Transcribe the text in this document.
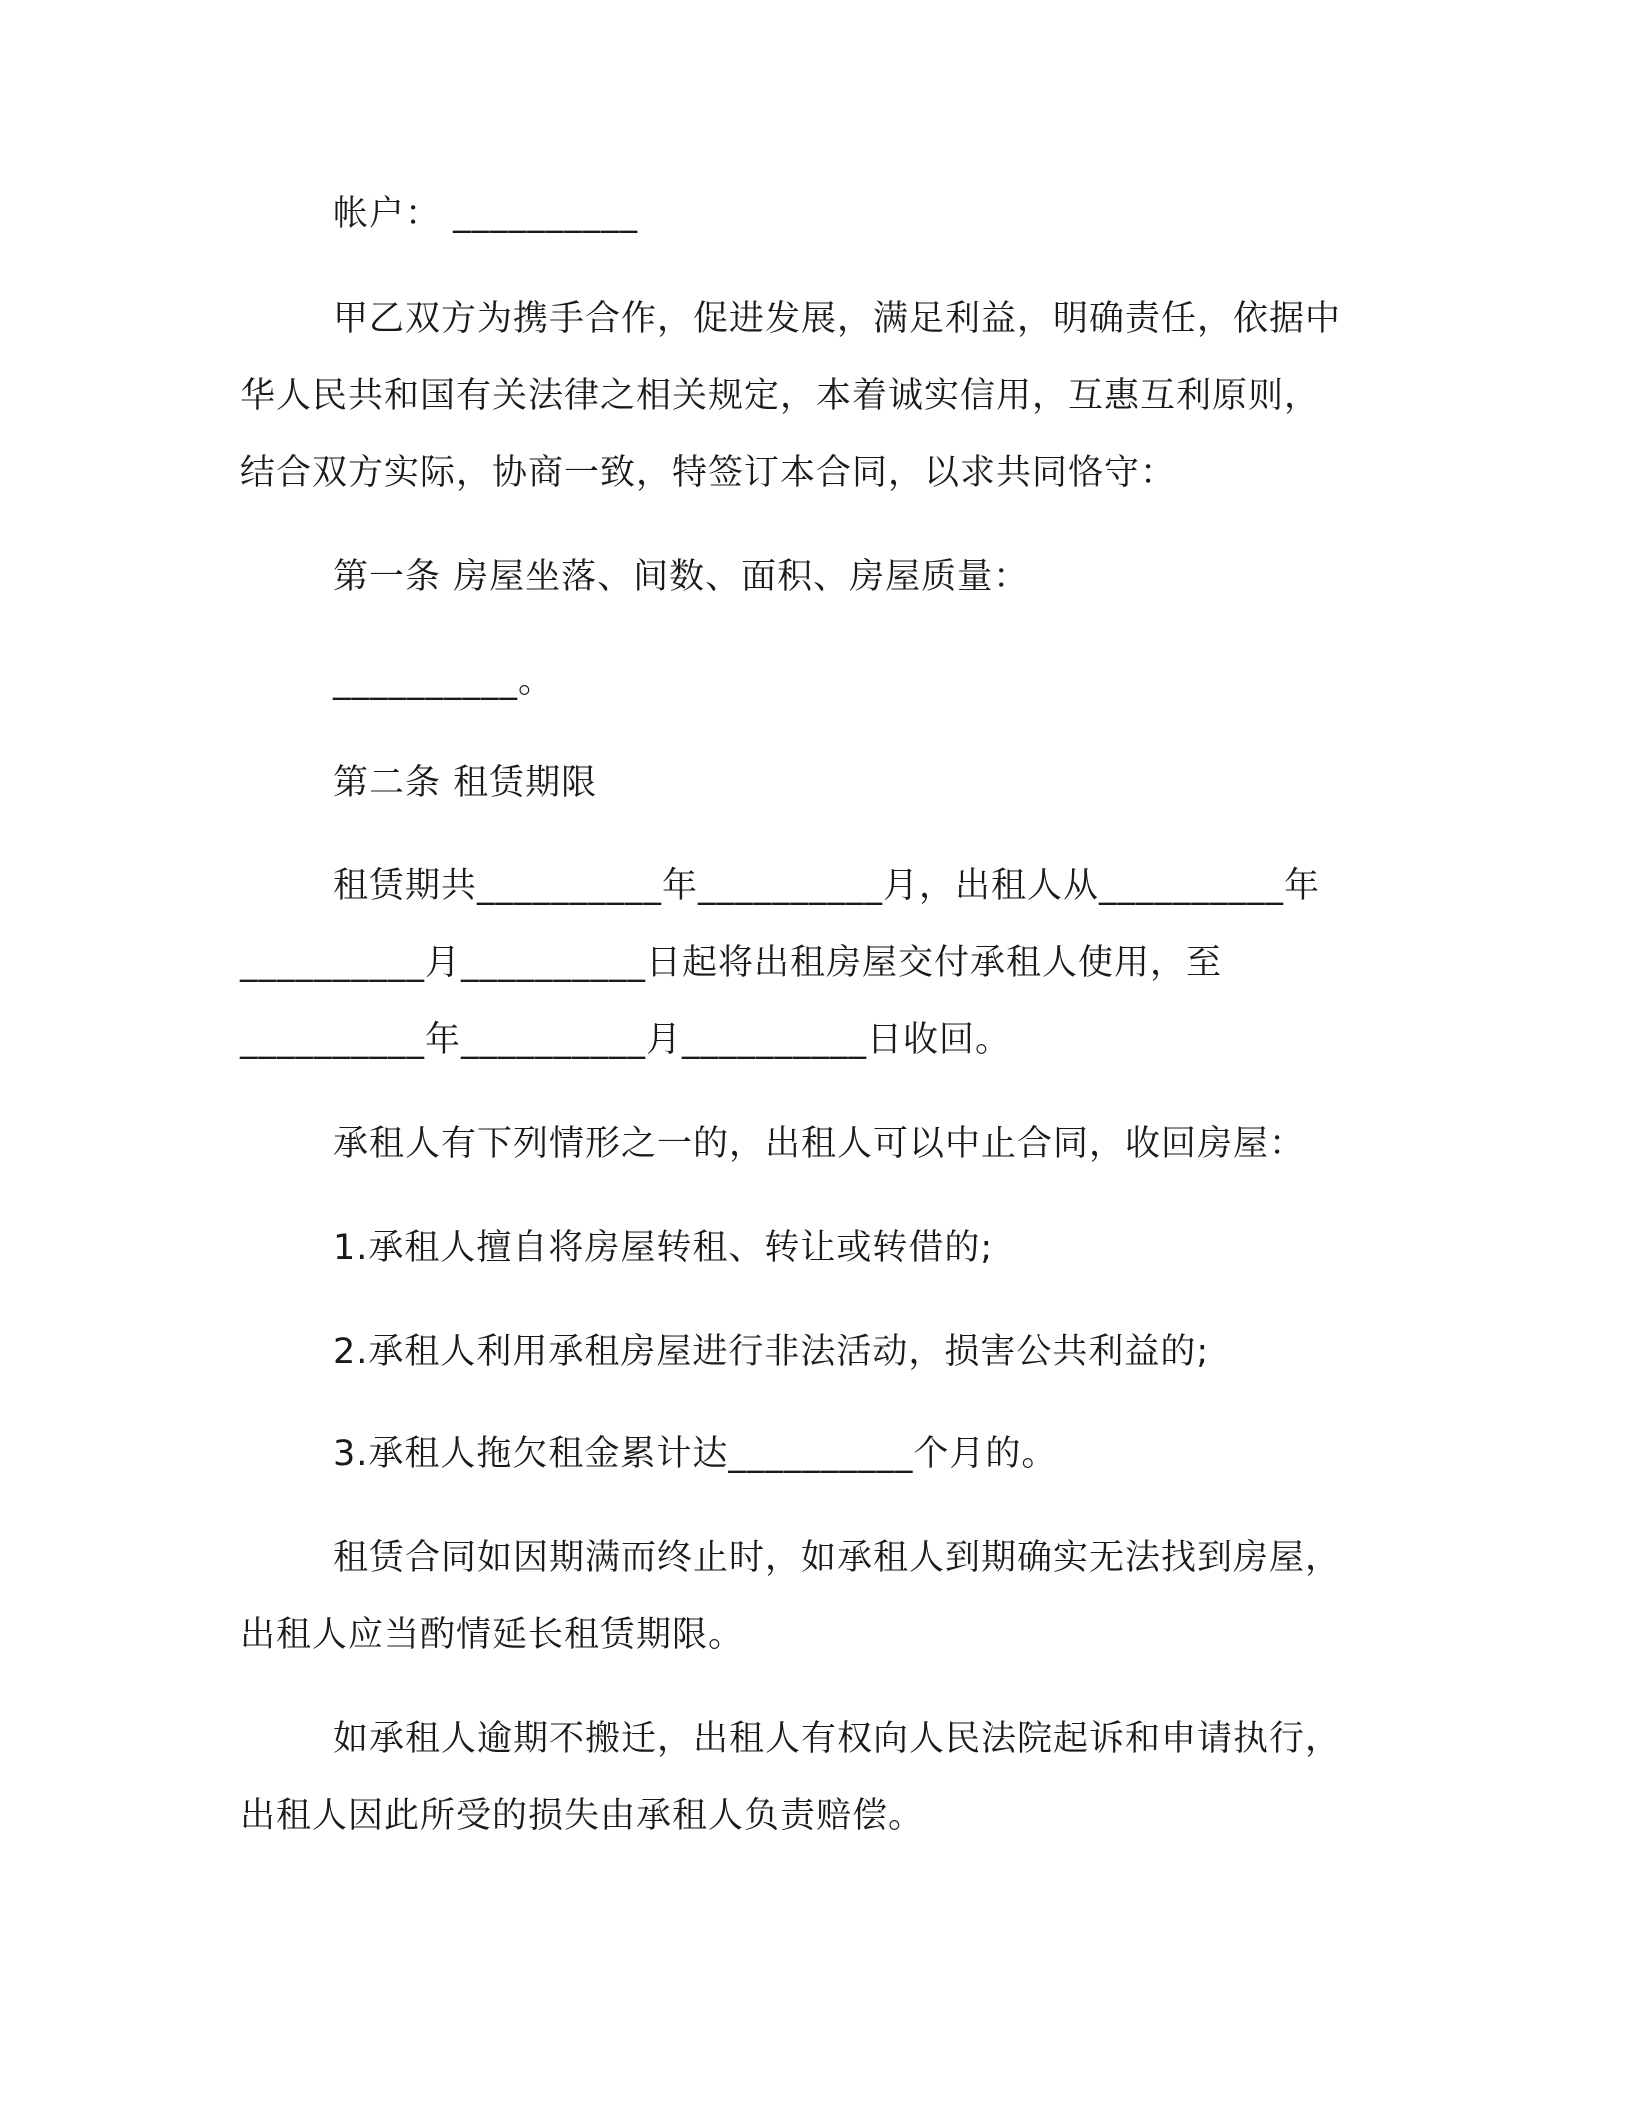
帐户： __________
甲乙双方为携手合作，促进发展，满足利益，明确责任，依据中
华人民共和国有关法律之相关规定，本着诚实信用，互惠互利原则，
结合双方实际，协商一致，特签订本合同，以求共同恪守：
第一条 房屋坐落、间数、面积、房屋质量：
__________。
第二条 租赁期限
租赁期共__________年__________月，出租人从__________年
__________月__________日起将出租房屋交付承租人使用，至
__________年__________月__________日收回。
承租人有下列情形之一的，出租人可以中止合同，收回房屋：
1.承租人擅自将房屋转租、转让或转借的;
2.承租人利用承租房屋进行非法活动，损害公共利益的;
3.承租人拖欠租金累计达__________个月的。
租赁合同如因期满而终止时，如承租人到期确实无法找到房屋，
出租人应当酌情延长租赁期限。
如承租人逾期不搬迁，出租人有权向人民法院起诉和申请执行，
出租人因此所受的损失由承租人负责赔偿。
